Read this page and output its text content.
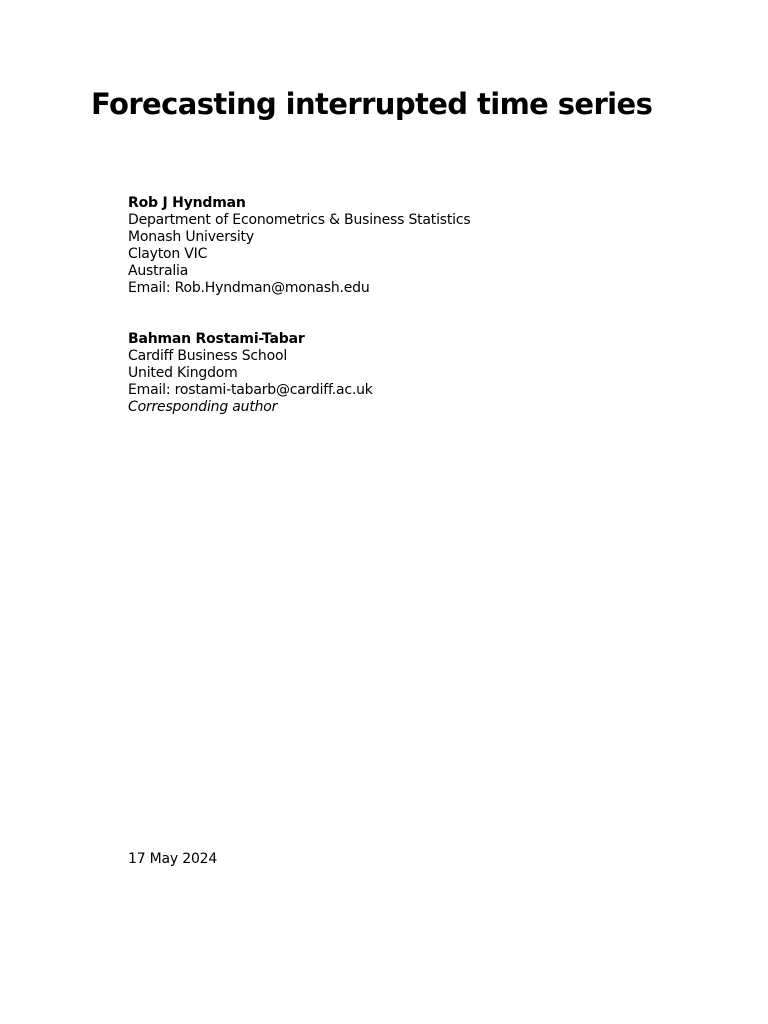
Forecasting interrupted time series
Rob J Hyndman
Department of Econometrics & Business Statistics
Monash University
Clayton VIC
Australia
Email: Rob.Hyndman@monash.edu
Bahman Rostami-Tabar
Cardiff Business School
United Kingdom
Email: rostami-tabarb@cardiff.ac.uk
Corresponding author
17 May 2024
